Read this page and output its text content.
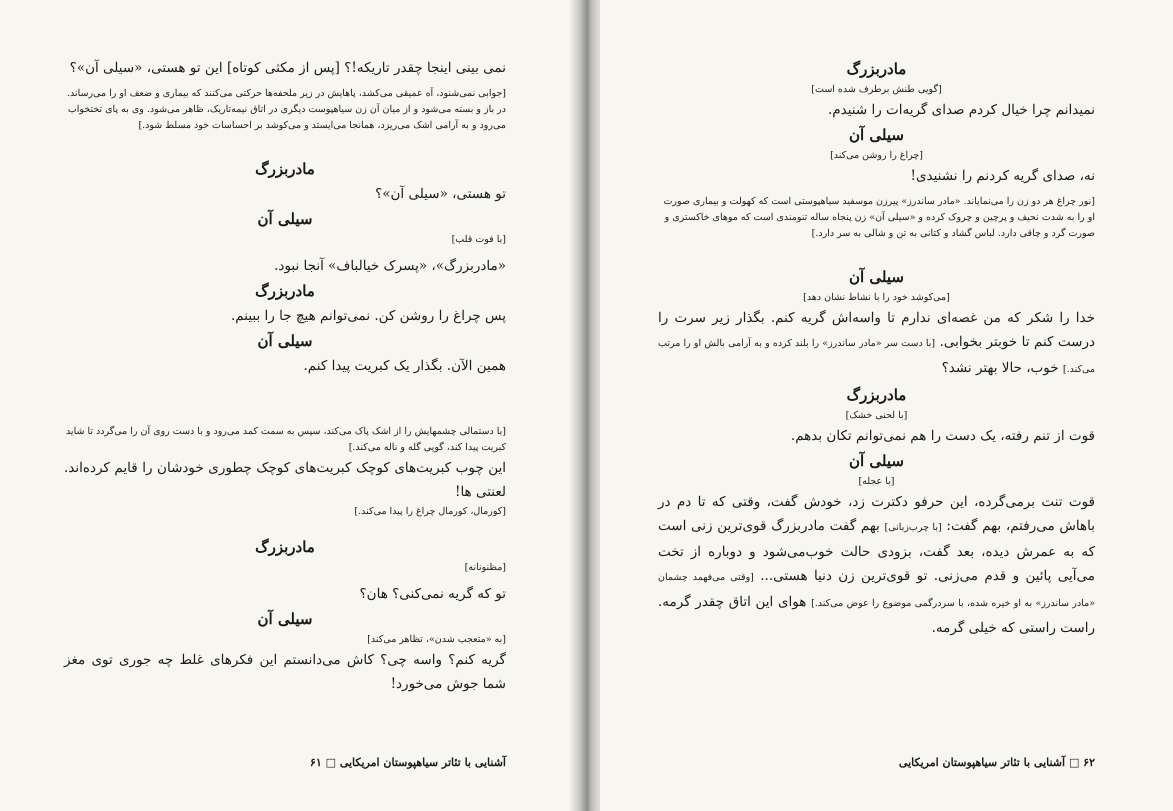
نمی بینی اینجا چقدر تاریکه!؟ [پس از مکثی کوتاه] این تو هستی، «سیلی آن»؟

[جوابی نمی‌شنود، آه عمیقی می‌کشد، پاهایش در زیر ملحفه‌ها حرکتی می‌کنند که بیماری و ضعف او را می‌رساند. در باز و بسته می‌شود و از میان آن زن سیاهپوست دیگری در اتاق نیمه‌تاریک، ظاهر می‌شود. وی به پای تختخواب می‌رود و به آرامی اشک می‌ریزد، همانجا می‌ایستد و می‌کوشد بر احساسات خود مسلط شود.]

مادربزرگ

تو هستی، «سیلی آن»؟

سیلی آن

[با فوت قلب]

«مادربزرگ»، «پسرک خیالباف» آنجا نبود.

مادربزرگ

پس چراغ را روشن کن. نمی‌توانم هیچ جا را ببینم.

سیلی آن

همین الآن. بگذار یک کبریت پیدا کنم.

[با دستمالی چشمهایش را از اشک پاک می‌کند، سپس به سمت کمد می‌رود و با دست روی آن را می‌گردد تا شاید کبریت پیدا کند، گویی گله و ناله می‌کند.]

این چوب کبریت‌های کوچک کبریت‌های کوچک چطوری خودشان را قایم کرده‌اند. لعنتی ها!

[کورمال، کورمال چراغ را پیدا می‌کند.]

مادربزرگ

[مظنونانه]

تو که گریه نمی‌کنی؟ هان؟

سیلی آن

[به «متعجب شدن»، تظاهر می‌کند]

گریه کنم؟ واسه چی؟ کاش می‌دانستم این فکرهای غلط چه جوری توی مغز شما جوش می‌خورد!

آشنایی با تئاتر سیاهپوستان امریکایی □ ۶۱

مادربزرگ

[گویی طنش برطرف شده است]

نمیدانم چرا خیال کردم صدای گریه‌ات را شنیدم.

سیلی آن

[چراغ را روشن می‌کند]

نه، صدای گریه کردنم را نشنیدی!

[نور چراغ هر دو زن را می‌نمایاند. «مادر ساندرز» پیرزن موسفید سیاهپوستی است که کهولت و بیماری صورت او را به شدت نحیف و پرچین و چروک کرده و «سیلی آن» زن پنجاه ساله تنومندی است که موهای خاکستری و صورت گرد و چاقی دارد. لباس گشاد و کتانی به تن و شالی به سر دارد.]

سیلی آن

[می‌کوشد خود را با نشاط نشان دهد]

خدا را شکر که من غصه‌ای ندارم تا واسه‌اش گریه کنم. بگذار زیر سرت را درست کنم تا خوبتر بخوابی. [با دست سر «مادر ساندرز» را بلند کرده و به آرامی بالش او را مرتب می‌کند.] خوب، حالا بهتر نشد؟

مادربزرگ

[با لحنی خشک]

قوت از تنم رفته، یک دست را هم نمی‌توانم تکان بدهم.

سیلی آن

[با عجله]

قوت تنت برمی‌گرده، این حرفو دکترت زد، خودش گفت، وقتی که تا دم در باهاش می‌رفتم، بهم گفت: [با چرب‌زبانی] بهم گفت مادربزرگ قوی‌ترین زنی است که به عمرش دیده، بعد گفت، بزودی حالت خوب‌می‌شود و دوباره از تخت می‌آیی پائین و قدم می‌زنی. تو قوی‌ترین زن دنیا هستی... [وقتی می‌فهمد چشمان «مادر ساندرز» به او خیره شده، با سردرگمی موضوع را عوض می‌کند.] هوای این اتاق چقدر گرمه. راست راستی که خیلی گرمه.

۶۲ □ آشنایی با تئاتر سیاهپوستان امریکایی
